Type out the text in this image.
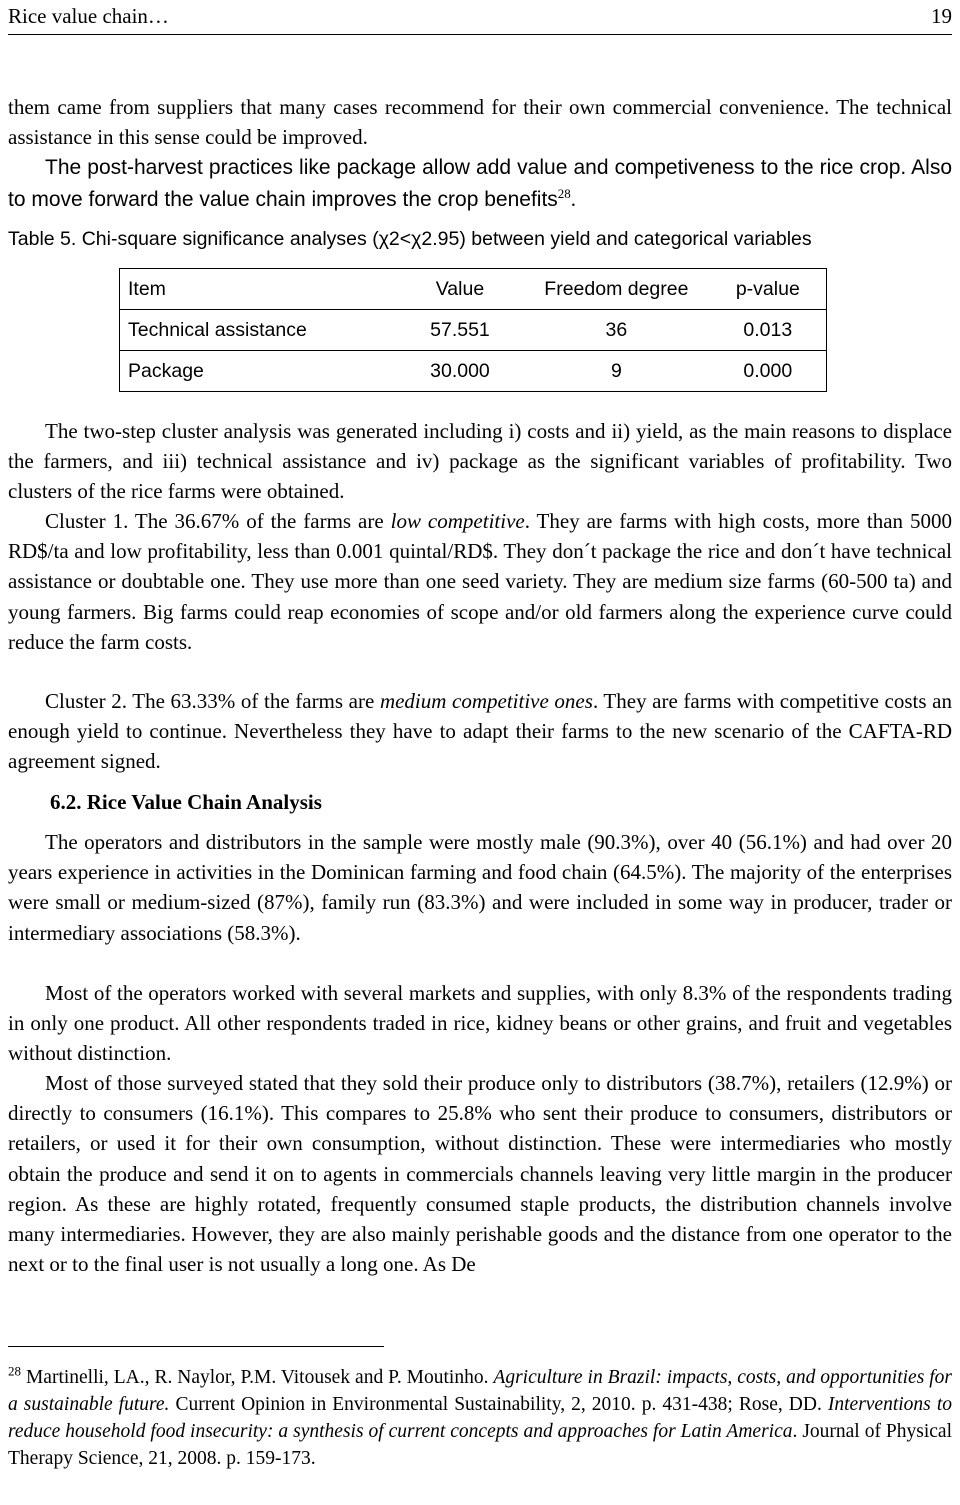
Rice value chain…	19

them came from suppliers that many cases recommend for their own commercial convenience. The technical assistance in this sense could be improved.
The post-harvest practices like package allow add value and competiveness to the rice crop. Also to move forward the value chain improves the crop benefits$^{28}$.

Table 5. Chi-square significance analyses (χ2<χ2.95) between yield and categorical variables
Item	Value	Freedom degree	p-value
Technical assistance	57.551	36	0.013
Package	30.000	9	0.000

The two-step cluster analysis was generated including i) costs and ii) yield, as the main reasons to displace the farmers, and iii) technical assistance and iv) package as the significant variables of profitability. Two clusters of the rice farms were obtained.

Cluster 1. The 36.67% of the farms are low competitive. They are farms with high costs, more than 5000 RD$/ta and low profitability, less than 0.001 quintal/RD$. They don´t package the rice and don´t have technical assistance or doubtable one. They use more than one seed variety. They are medium size farms (60-500 ta) and young farmers. Big farms could reap economies of scope and/or old farmers along the experience curve could reduce the farm costs.

Cluster 2. The 63.33% of the farms are medium competitive ones. They are farms with competitive costs an enough yield to continue. Nevertheless they have to adapt their farms to the new scenario of the CAFTA-RD agreement signed.

6.2. Rice Value Chain Analysis

The operators and distributors in the sample were mostly male (90.3%), over 40 (56.1%) and had over 20 years experience in activities in the Dominican farming and food chain (64.5%). The majority of the enterprises were small or medium-sized (87%), family run (83.3%) and were included in some way in producer, trader or intermediary associations (58.3%).

Most of the operators worked with several markets and supplies, with only 8.3% of the respondents trading in only one product. All other respondents traded in rice, kidney beans or other grains, and fruit and vegetables without distinction.

Most of those surveyed stated that they sold their produce only to distributors (38.7%), retailers (12.9%) or directly to consumers (16.1%). This compares to 25.8% who sent their produce to consumers, distributors or retailers, or used it for their own consumption, without distinction. These were intermediaries who mostly obtain the produce and send it on to agents in commercials channels leaving very little margin in the producer region. As these are highly rotated, frequently consumed staple products, the distribution channels involve many intermediaries. However, they are also mainly perishable goods and the distance from one operator to the next or to the final user is not usually a long one. As De

$^{28}$ Martinelli, LA., R. Naylor, P.M. Vitousek and P. Moutinho. Agriculture in Brazil: impacts, costs, and opportunities for a sustainable future. Current Opinion in Environmental Sustainability, 2, 2010. p. 431-438; Rose, DD. Interventions to reduce household food insecurity: a synthesis of current concepts and approaches for Latin America. Journal of Physical Therapy Science, 21, 2008. p. 159-173.
